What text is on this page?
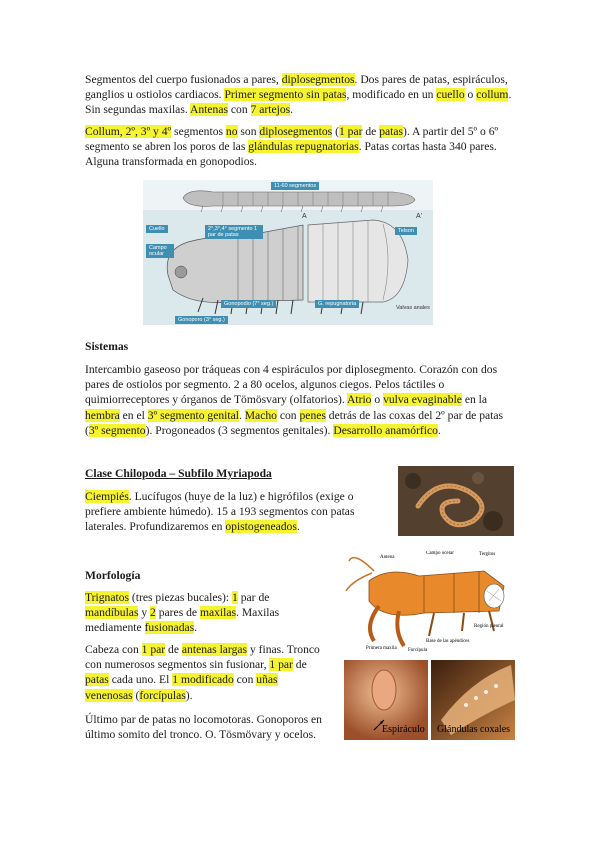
Segmentos del cuerpo fusionados a pares, diplosegmentos. Dos pares de patas, espiráculos, ganglios u ostiolos cardiacos. Primer segmento sin patas, modificado en un cuello o collum. Sin segundas maxilas. Antenas con 7 artejos.

Collum, 2º, 3º y 4º segmentos no son diplosegmentos (1 par de patas). A partir del 5º o 6º segmento se abren los poros de las glándulas repugnatorias. Patas cortas hasta 340 pares. Alguna transformada en gonopodios.

11-60 segmentos
Cuello
Campo ocular
2°,3°,4° segmento 1 par de patas
Telson
Gonopodio (7° seg.)	G. repugnatoria
Valvas anales
Gonoporo (3° seg.)
A	A'

Sistemas

Intercambio gaseoso por tráqueas con 4 espiráculos por diplosegmento. Corazón con dos pares de ostiolos por segmento. 2 a 80 ocelos, algunos ciegos. Pelos táctiles o quimiorreceptores y órganos de Tömösvary (olfatorios). Atrio o vulva evaginable en la hembra en el 3º segmento genital. Macho con penes detrás de las coxas del 2º par de patas (3º segmento). Progoneados (3 segmentos genitales). Desarrollo anamórfico.

Clase Chilopoda – Subfilo Myriapoda

Ciempiés. Lucífugos (huye de la luz) e higrófilos (exige o prefiere ambiente húmedo). 15 a 193 segmentos con patas laterales. Profundizaremos en opistogeneados.

Morfología

Trignatos (tres piezas bucales): 1 par de mandíbulas y 2 pares de maxilas. Maxilas mediamente fusionadas.

Cabeza con 1 par de antenas largas y finas. Tronco con numerosos segmentos sin fusionar, 1 par de patas cada uno. El 1 modificado con uñas venenosas (forcípulas).

Último par de patas no locomotoras. Gonoporos en último somito del tronco. O. Tösmövary y ocelos.

Antena
Campo ocelar	Tergitos
Región pleural
Base de las apéndices
Primera maxila Forcípula
Espiráculo Glándulas coxales
